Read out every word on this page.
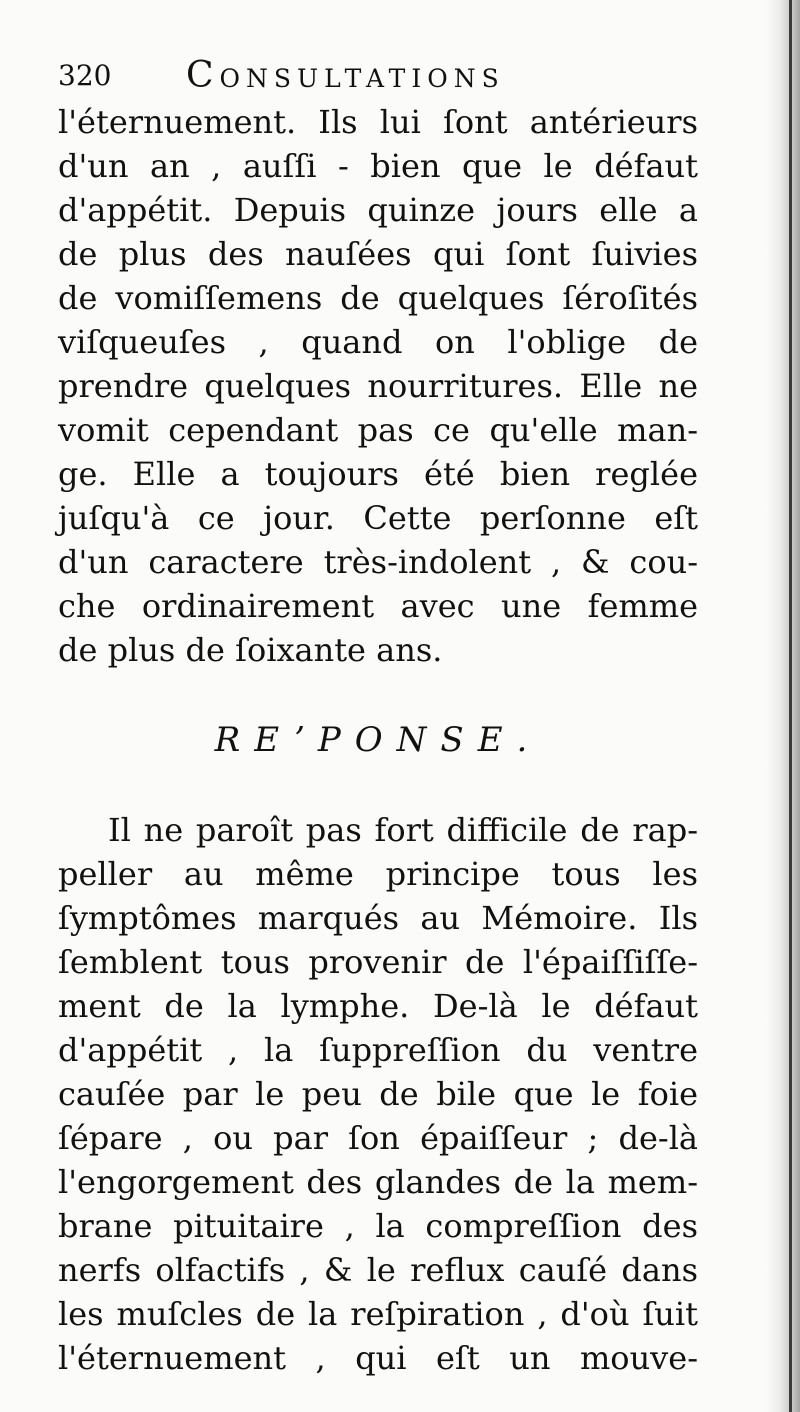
320 Consultations
l'éternuement. Ils lui ſont antérieurs
d'un an , auſſi - bien que le défaut
d'appétit. Depuis quinze jours elle a
de plus des nauſées qui ſont ſuivies
de vomiſſemens de quelques ſéroſités
viſqueuſes , quand on l'oblige de
prendre quelques nourritures. Elle ne
vomit cependant pas ce qu'elle man-
ge. Elle a toujours été bien reglée
juſqu'à ce jour. Cette perſonne eſt
d'un caractere très-indolent , & cou-
che ordinairement avec une femme
de plus de ſoixante ans.
REʼPONSE.
Il ne paroît pas fort difficile de rap-
peller au même principe tous les
ſymptômes marqués au Mémoire. Ils
ſemblent tous provenir de l'épaiſſiſſe-
ment de la lymphe. De-là le défaut
d'appétit , la ſuppreſſion du ventre
cauſée par le peu de bile que le foie
ſépare , ou par ſon épaiſſeur ; de-là
l'engorgement des glandes de la mem-
brane pituitaire , la compreſſion des
nerfs olfactifs , & le reflux cauſé dans
les muſcles de la reſpiration , d'où ſuit
l'éternuement , qui eſt un mouve-
